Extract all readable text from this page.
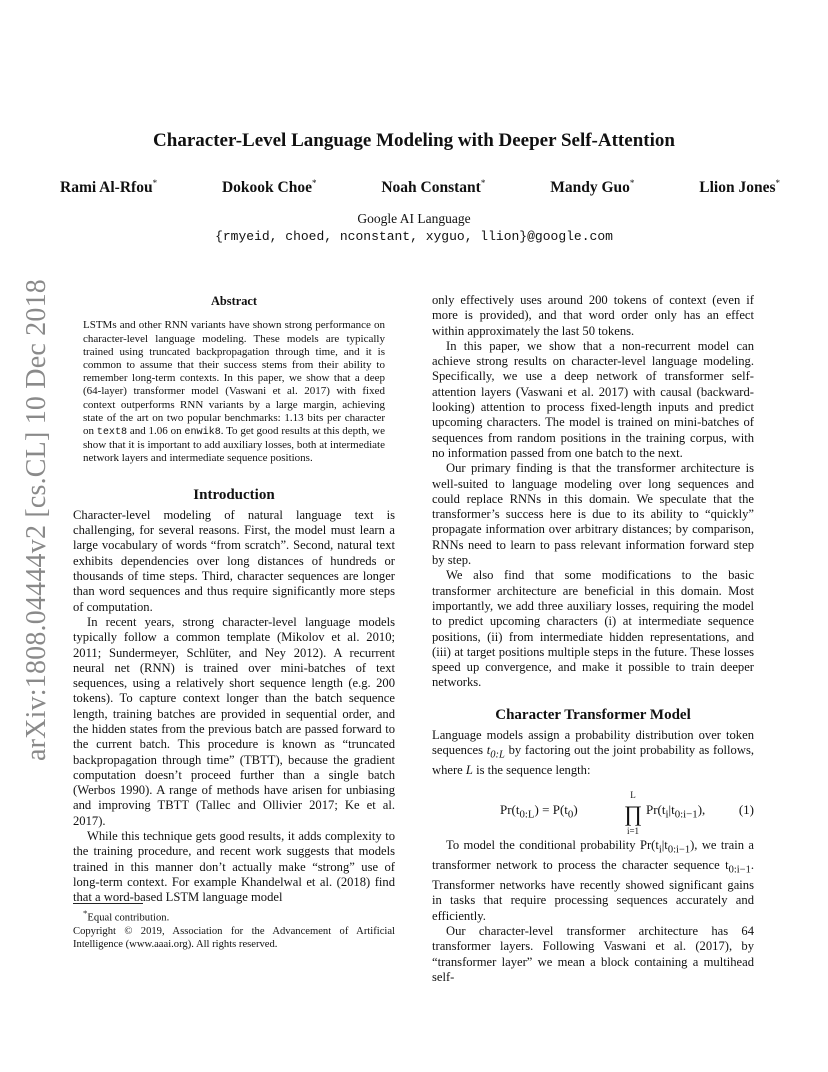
arXiv:1808.04444v2 [cs.CL] 10 Dec 2018
Character-Level Language Modeling with Deeper Self-Attention
Rami Al-Rfou*	Dokook Choe*	Noah Constant*	Mandy Guo*	Llion Jones*
Google AI Language
{rmyeid, choed, nconstant, xyguo, llion}@google.com
Abstract
LSTMs and other RNN variants have shown strong performance on character-level language modeling. These models are typically trained using truncated backpropagation through time, and it is common to assume that their success stems from their ability to remember long-term contexts. In this paper, we show that a deep (64-layer) transformer model (Vaswani et al. 2017) with fixed context outperforms RNN variants by a large margin, achieving state of the art on two popular benchmarks: 1.13 bits per character on text8 and 1.06 on enwik8. To get good results at this depth, we show that it is important to add auxiliary losses, both at intermediate network layers and intermediate sequence positions.
Introduction

Character-level modeling of natural language text is challenging, for several reasons. First, the model must learn a large vocabulary of words “from scratch”. Second, natural text exhibits dependencies over long distances of hundreds or thousands of time steps. Third, character sequences are longer than word sequences and thus require significantly more steps of computation.

In recent years, strong character-level language models typically follow a common template (Mikolov et al. 2010; 2011; Sundermeyer, Schlüter, and Ney 2012). A recurrent neural net (RNN) is trained over mini-batches of text sequences, using a relatively short sequence length (e.g. 200 tokens). To capture context longer than the batch sequence length, training batches are provided in sequential order, and the hidden states from the previous batch are passed forward to the current batch. This procedure is known as “truncated backpropagation through time” (TBTT), because the gradient computation doesn’t proceed further than a single batch (Werbos 1990). A range of methods have arisen for unbiasing and improving TBTT (Tallec and Ollivier 2017; Ke et al. 2017).

While this technique gets good results, it adds complexity to the training procedure, and recent work suggests that models trained in this manner don’t actually make “strong” use of long-term context. For example Khandelwal et al. (2018) find that a word-based LSTM language model

only effectively uses around 200 tokens of context (even if more is provided), and that word order only has an effect within approximately the last 50 tokens.

In this paper, we show that a non-recurrent model can achieve strong results on character-level language modeling. Specifically, we use a deep network of transformer self-attention layers (Vaswani et al. 2017) with causal (backward-looking) attention to process fixed-length inputs and predict upcoming characters. The model is trained on mini-batches of sequences from random positions in the training corpus, with no information passed from one batch to the next.

Our primary finding is that the transformer architecture is well-suited to language modeling over long sequences and could replace RNNs in this domain. We speculate that the transformer’s success here is due to its ability to “quickly” propagate information over arbitrary distances; by comparison, RNNs need to learn to pass relevant information forward step by step.

We also find that some modifications to the basic transformer architecture are beneficial in this domain. Most importantly, we add three auxiliary losses, requiring the model to predict upcoming characters (i) at intermediate sequence positions, (ii) from intermediate hidden representations, and (iii) at target positions multiple steps in the future. These losses speed up convergence, and make it possible to train deeper networks.

Character Transformer Model

Language models assign a probability distribution over token sequences $t_{0:L}$ by factoring out the joint probability as follows, where L is the sequence length:

$Pr(t_{0:L}) = P(t_0)$
L
∏
i=1
$Pr(t_i|t_{0:i-1})$,	(1)

To model the conditional probability $Pr(t_i|t_{0:i-1})$, we train a transformer network to process the character sequence $t_{0:i-1}$. Transformer networks have recently showed significant gains in tasks that require processing sequences accurately and efficiently.

Our character-level transformer architecture has 64 transformer layers. Following Vaswani et al. (2017), by “transformer layer” we mean a block containing a multihead self-

*Equal contribution.
Copyright © 2019, Association for the Advancement of Artificial Intelligence (www.aaai.org). All rights reserved.
